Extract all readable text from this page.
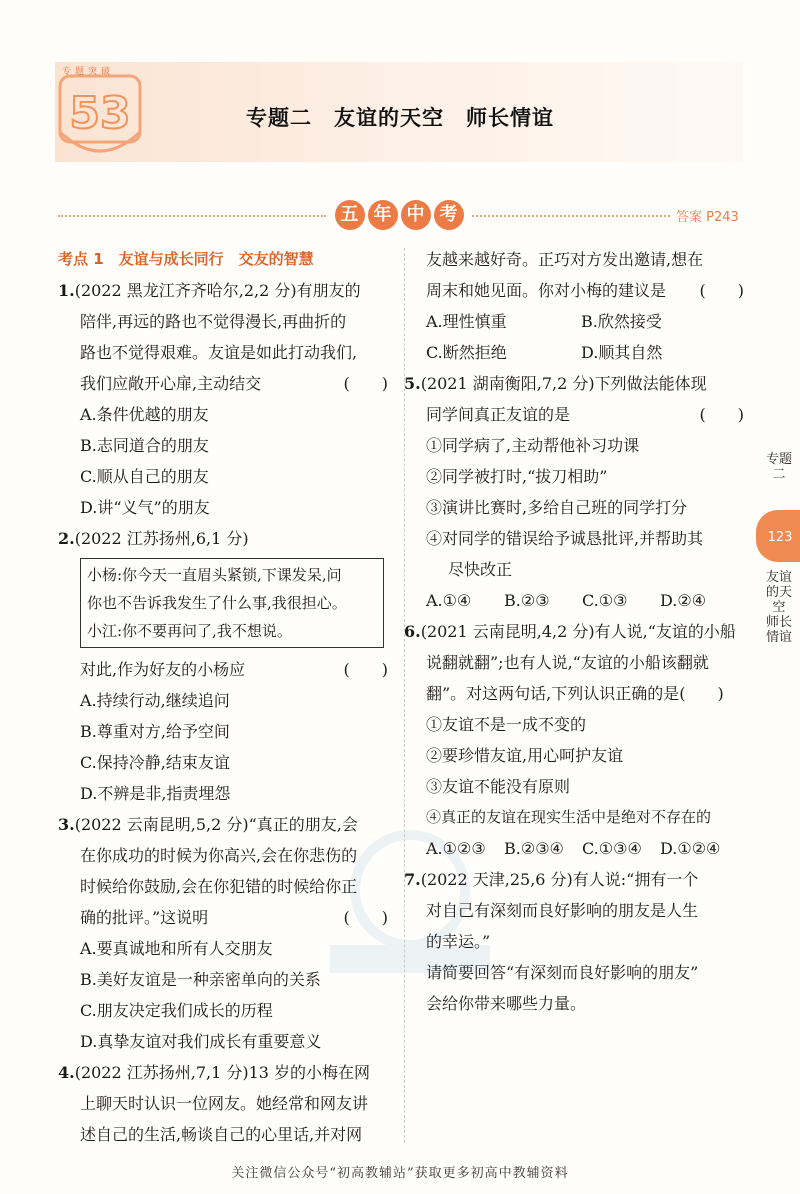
53
专题突破
专题二　友谊的天空　师长情谊
五 年 中 考	答案 P243

考点 1　友谊与成长同行　交友的智慧

1.(2022 黑龙江齐齐哈尔,2,2 分)有朋友的

陪伴,再远的路也不觉得漫长,再曲折的

路也不觉得艰难。友谊是如此打动我们,

我们应敞开心扉,主动结交	(　　)

A.条件优越的朋友

B.志同道合的朋友

C.顺从自己的朋友

D.讲“义气”的朋友

2.(2022 江苏扬州,6,1 分)

小杨:你今天一直眉头紧锁,下课发呆,问
你也不告诉我发生了什么事,我很担心。
小江:你不要再问了,我不想说。

对此,作为好友的小杨应	(　　)

A.持续行动,继续追问

B.尊重对方,给予空间

C.保持冷静,结束友谊

D.不辨是非,指责埋怨

3.(2022 云南昆明,5,2 分)“真正的朋友,会

在你成功的时候为你高兴,会在你悲伤的

时候给你鼓励,会在你犯错的时候给你正

确的批评。”这说明	(　　)

A.要真诚地和所有人交朋友

B.美好友谊是一种亲密单向的关系

C.朋友决定我们成长的历程

D.真挚友谊对我们成长有重要意义

4.(2022 江苏扬州,7,1 分)13 岁的小梅在网

上聊天时认识一位网友。她经常和网友讲

述自己的生活,畅谈自己的心里话,并对网

友越来越好奇。正巧对方发出邀请,想在

周末和她见面。你对小梅的建议是 (　　)

A.理性慎重	B.欣然接受

C.断然拒绝	D.顺其自然

5.(2021 湖南衡阳,7,2 分)下列做法能体现

同学间真正友谊的是	(　　)

①同学病了,主动帮他补习功课

②同学被打时,“拔刀相助”

③演讲比赛时,多给自己班的同学打分

④对同学的错误给予诚恳批评,并帮助其

尽快改正

A.①④ B.②③ C.①③ D.②④

6.(2021 云南昆明,4,2 分)有人说,“友谊的小船

说翻就翻”;也有人说,“友谊的小船该翻就

翻”。对这两句话,下列认识正确的是(　　)

①友谊不是一成不变的

②要珍惜友谊,用心呵护友谊

③友谊不能没有原则

④真正的友谊在现实生活中是绝对不存在的

A.①②③ B.②③④ C.①③④ D.①②④

7.(2022 天津,25,6 分)有人说:“拥有一个

对自己有深刻而良好影响的朋友是人生

的幸运。”

请简要回答“有深刻而良好影响的朋友”

会给你带来哪些力量。

专题二
123
友谊的天空　师长情谊
关注微信公众号“初高教辅站”获取更多初高中教辅资料
